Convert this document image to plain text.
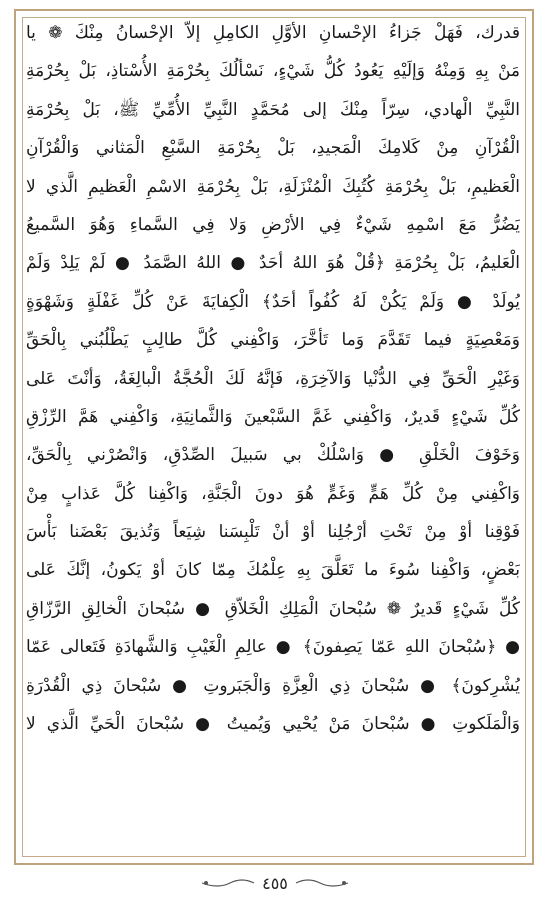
قدرك، فَهَلْ جَزاءُ الإحْسانِ الأوَّلِ الكامِلِ إلاّ الإحْسانُ مِنْكَ ❁ يا
مَنْ بِهِ وَمِنْهُ وَإلَيْهِ يَعُودُ كُلُّ شَيْءٍ، نَسْألُكَ بِحُرْمَةِ الأُسْتاذِ، بَلْ بِحُرْمَةِ
النَّبِيِّ الْهادي، سِرّاً مِنْكَ إلى مُحَمَّدٍ النَّبِيِّ الأُمِّيِّ ﷺ، بَلْ بِحُرْمَةِ
الْقُرْآنِ مِنْ كَلامِكَ الْمَجيدِ، بَلْ بِحُرْمَةِ السَّبْعِ الْمَثاني وَالْقُرْآنِ
الْعَظيمِ، بَلْ بِحُرْمَةِ كُتُبِكَ الْمُنْزَلَةِ، بَلْ بِحُرْمَةِ الاسْمِ الْعَظيمِ الَّذي لا
يَضُرُّ مَعَ اسْمِهِ شَيْءٌ فِي الأرْضِ وَلا فِي السَّماءِ وَهُوَ السَّميعُ
الْعَليمُ، بَلْ بِحُرْمَةِ ﴿قُلْ هُوَ اللهُ أحَدٌ ● اللهُ الصَّمَدُ ● لَمْ يَلِدْ وَلَمْ
يُولَدْ ● وَلَمْ يَكُنْ لَهُ كُفُواً أحَدٌ﴾ الْكِفايَةَ عَنْ كُلِّ غَفْلَةٍ وَشَهْوَةٍ
وَمَعْصِيَةٍ فيما تَقَدَّمَ وَما تَأخَّرَ، وَاكْفِني كُلَّ طالِبٍ يَطْلُبُني بِالْحَقِّ
وَغَيْرِ الْحَقِّ فِي الدُّنْيا وَالآخِرَةِ، فَإنَّهُ لَكَ الْحُجَّةُ الْبالِغَةُ، وَأنْتَ عَلى
كُلِّ شَيْءٍ قَديرٌ، وَاكْفِني غَمَّ السَّبْعينَ وَالثَّمانِيَةِ، وَاكْفِني هَمَّ الرِّزْقِ
وَخَوْفَ الْخَلْقِ ● وَاسْلُكْ بي سَبيلَ الصِّدْقِ، وَانْصُرْني بِالْحَقِّ،
وَاكْفِني مِنْ كُلِّ هَمٍّ وَغَمٍّ هُوَ دونَ الْجَنَّةِ، وَاكْفِنا كُلَّ عَذابٍ مِنْ
فَوْقِنا أوْ مِنْ تَحْتِ أرْجُلِنا أوْ أنْ تَلْبِسَنا شِيَعاً وَتُذيقَ بَعْضَنا بَأْسَ
بَعْضٍ، وَاكْفِنا سُوءَ ما تَعَلَّقَ بِهِ عِلْمُكَ مِمّا كانَ أوْ يَكونُ، إنَّكَ عَلى
كُلِّ شَيْءٍ قَديرٌ ❁ سُبْحانَ الْمَلِكِ الْخَلاّقِ ● سُبْحانَ الْخالِقِ الرَّزّاقِ
● ﴿سُبْحانَ اللهِ عَمّا يَصِفونَ﴾ ● عالِمِ الْغَيْبِ وَالشَّهادَةِ فَتَعالى عَمّا
يُشْرِكونَ﴾ ● سُبْحانَ ذِي الْعِزَّةِ وَالْجَبَروتِ ● سُبْحانَ ذِي الْقُدْرَةِ
وَالْمَلَكوتِ ● سُبْحانَ مَنْ يُحْيي وَيُميتُ ● سُبْحانَ الْحَيِّ الَّذي لا
٤٥٥
